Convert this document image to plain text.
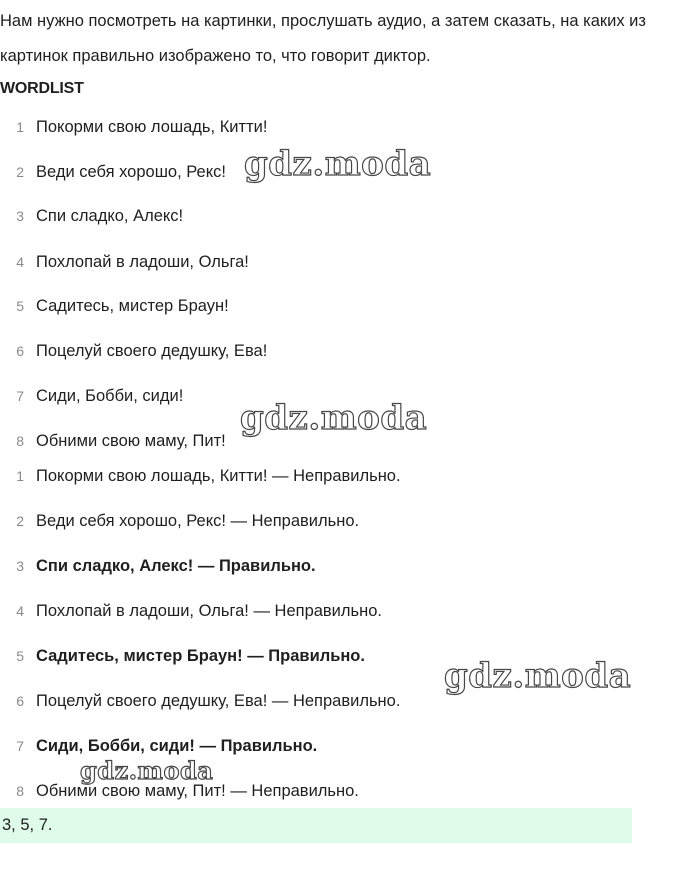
Нам нужно посмотреть на картинки, прослушать аудио, а затем сказать, на каких из картинок правильно изображено то, что говорит диктор.

WORDLIST

1 Покорми свою лошадь, Китти!
2 Веди себя хорошо, Рекс!
3 Спи сладко, Алекс!
4 Похлопай в ладоши, Ольга!
5 Садитесь, мистер Браун!
6 Поцелуй своего дедушку, Ева!
7 Сиди, Бобби, сиди!
8 Обними свою маму, Пит!
1 Покорми свою лошадь, Китти! — Неправильно.
2 Веди себя хорошо, Рекс! — Неправильно.
3 Спи сладко, Алекс! — Правильно.
4 Похлопай в ладоши, Ольга! — Неправильно.
5 Садитесь, мистер Браун! — Правильно.
6 Поцелуй своего дедушку, Ева! — Неправильно.
7 Сиди, Бобби, сиди! — Правильно.
8 Обними свою маму, Пит! — Неправильно.
3, 5, 7.
gdz.moda
gdz.moda
gdz.moda
gdz.moda
